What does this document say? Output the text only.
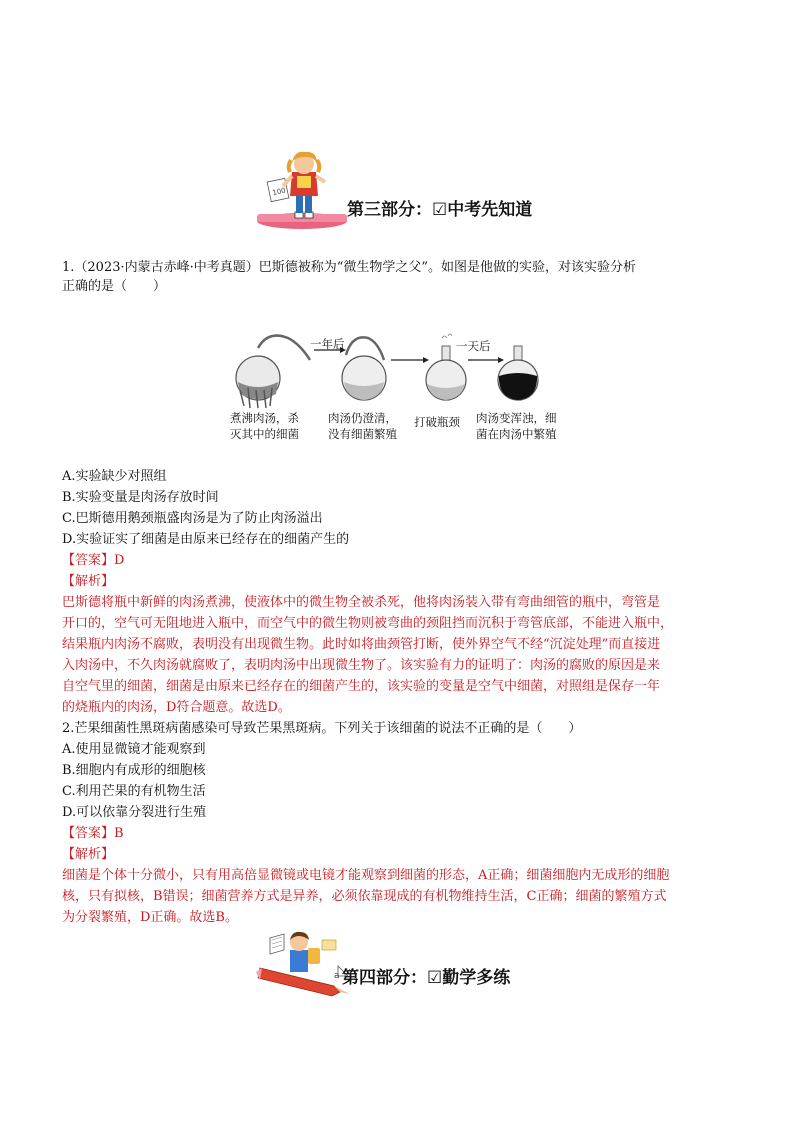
100
第三部分：☑中考先知道
1.（2023·内蒙古赤峰·中考真题）巴斯德被称为“微生物学之父”。如图是他做的实验，对该实验分析
正确的是（　　）
一年后	一天后
煮沸肉汤，杀
灭其中的细菌
肉汤仍澄清，
没有细菌繁殖
打破瓶颈 肉汤变浑浊，细
菌在肉汤中繁殖
A.实验缺少对照组
B.实验变量是肉汤存放时间
C.巴斯德用鹅颈瓶盛肉汤是为了防止肉汤溢出
D.实验证实了细菌是由原来已经存在的细菌产生的
【答案】D
【解析】
巴斯德将瓶中新鲜的肉汤煮沸，使液体中的微生物全被杀死，他将肉汤装入带有弯曲细管的瓶中，弯管是
开口的，空气可无阻地进入瓶中，而空气中的微生物则被弯曲的颈阻挡而沉积于弯管底部，不能进入瓶中，
结果瓶内肉汤不腐败，表明没有出现微生物。此时如将曲颈管打断，使外界空气不经“沉淀处理”而直接进
入肉汤中，不久肉汤就腐败了，表明肉汤中出现微生物了。该实验有力的证明了：肉汤的腐败的原因是来
自空气里的细菌，细菌是由原来已经存在的细菌产生的，该实验的变量是空气中细菌，对照组是保存一年
的烧瓶内的肉汤，D符合题意。故选D。
2.芒果细菌性黑斑病菌感染可导致芒果黑斑病。下列关于该细菌的说法不正确的是（　　）
A.使用显微镜才能观察到
B.细胞内有成形的细胞核
C.利用芒果的有机物生活
D.可以依靠分裂进行生殖
【答案】B
【解析】
细菌是个体十分微小，只有用高倍显微镜或电镜才能观察到细菌的形态，A正确；细菌细胞内无成形的细胞
核，只有拟核，B错误；细菌营养方式是异养，必须依靠现成的有机物维持生活，C正确；细菌的繁殖方式
为分裂繁殖，D正确。故选B。
a 第四部分：☑勤学多练
